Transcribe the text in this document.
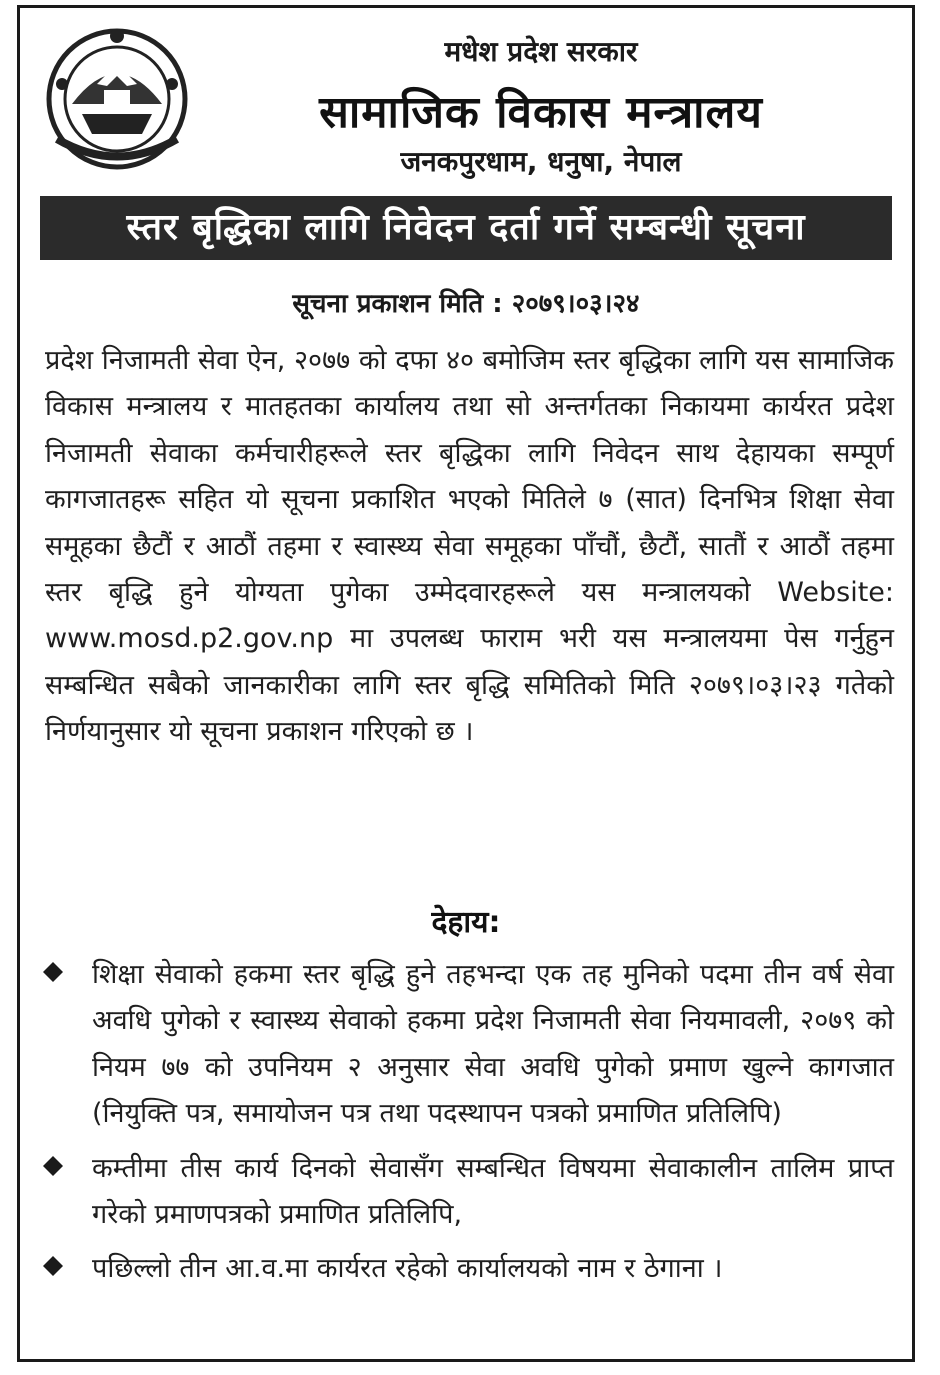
मधेश प्रदेश सरकार
सामाजिक विकास मन्त्रालय
जनकपुरधाम, धनुषा, नेपाल
स्तर बृद्धिका लागि निवेदन दर्ता गर्ने सम्बन्धी सूचना
सूचना प्रकाशन मिति : २०७९।०३।२४
प्रदेश निजामती सेवा ऐन, २०७७ को दफा ४० बमोजिम स्तर बृद्धिका लागि यस सामाजिक विकास मन्त्रालय र मातहतका कार्यालय तथा सो अन्तर्गतका निकायमा कार्यरत प्रदेश निजामती सेवाका कर्मचारीहरूले स्तर बृद्धिका लागि निवेदन साथ देहायका सम्पूर्ण कागजातहरू सहित यो सूचना प्रकाशित भएको मितिले ७ (सात) दिनभित्र शिक्षा सेवा समूहका छैटौं र आठौं तहमा र स्वास्थ्य सेवा समूहका पाँचौं, छैटौं, सातौं र आठौं तहमा स्तर बृद्धि हुने योग्यता पुगेका उम्मेदवारहरूले यस मन्त्रालयको Website: www.mosd.p2.gov.np मा उपलब्ध फाराम भरी यस मन्त्रालयमा पेस गर्नुहुन सम्बन्धित सबैको जानकारीका लागि स्तर बृद्धि समितिको मिति २०७९।०३।२३ गतेको निर्णयानुसार यो सूचना प्रकाशन गरिएको छ ।
देहाय:
शिक्षा सेवाको हकमा स्तर बृद्धि हुने तहभन्दा एक तह मुनिको पदमा तीन वर्ष सेवा अवधि पुगेको र स्वास्थ्य सेवाको हकमा प्रदेश निजामती सेवा नियमावली, २०७९ को नियम ७७ को उपनियम २ अनुसार सेवा अवधि पुगेको प्रमाण खुल्ने कागजात (नियुक्ति पत्र, समायोजन पत्र तथा पदस्थापन पत्रको प्रमाणित प्रतिलिपि)
कम्तीमा तीस कार्य दिनको सेवासँग सम्बन्धित विषयमा सेवाकालीन तालिम प्राप्त गरेको प्रमाणपत्रको प्रमाणित प्रतिलिपि,
पछिल्लो तीन आ.व.मा कार्यरत रहेको कार्यालयको नाम र ठेगाना ।
